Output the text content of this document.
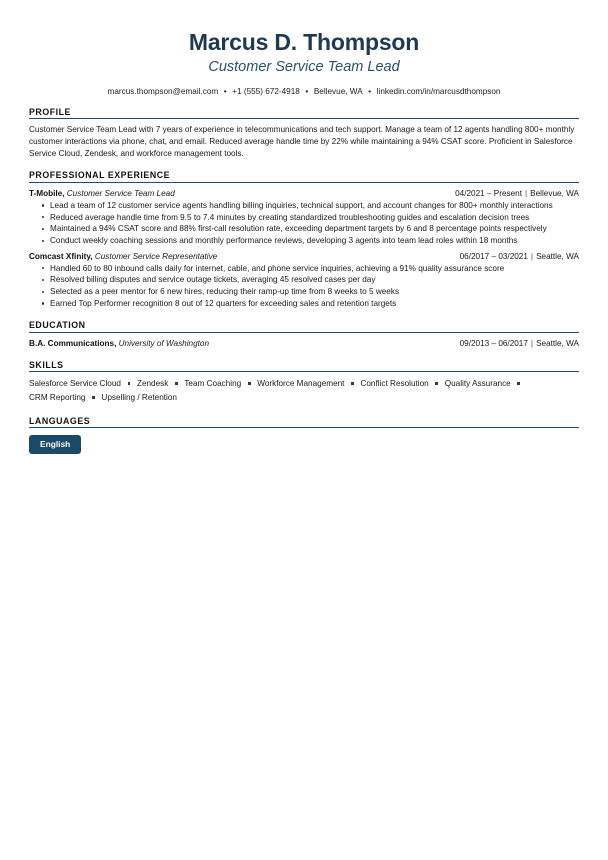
Marcus D. Thompson
Customer Service Team Lead
marcus.thompson@email.com • +1 (555) 672-4918 • Bellevue, WA • linkedin.com/in/marcusdthompson
PROFILE
Customer Service Team Lead with 7 years of experience in telecommunications and tech support. Manage a team of 12 agents handling 800+ monthly customer interactions via phone, chat, and email. Reduced average handle time by 22% while maintaining a 94% CSAT score. Proficient in Salesforce Service Cloud, Zendesk, and workforce management tools.
PROFESSIONAL EXPERIENCE
T-Mobile, Customer Service Team Lead	04/2021 – Present | Bellevue, WA
Lead a team of 12 customer service agents handling billing inquiries, technical support, and account changes for 800+ monthly interactions
Reduced average handle time from 9.5 to 7.4 minutes by creating standardized troubleshooting guides and escalation decision trees
Maintained a 94% CSAT score and 88% first-call resolution rate, exceeding department targets by 6 and 8 percentage points respectively
Conduct weekly coaching sessions and monthly performance reviews, developing 3 agents into team lead roles within 18 months
Comcast Xfinity, Customer Service Representative	06/2017 – 03/2021 | Seattle, WA
Handled 60 to 80 inbound calls daily for internet, cable, and phone service inquiries, achieving a 91% quality assurance score
Resolved billing disputes and service outage tickets, averaging 45 resolved cases per day
Selected as a peer mentor for 6 new hires, reducing their ramp-up time from 8 weeks to 5 weeks
Earned Top Performer recognition 8 out of 12 quarters for exceeding sales and retention targets
EDUCATION
B.A. Communications, University of Washington	09/2013 – 06/2017 | Seattle, WA
SKILLS
Salesforce Service Cloud Zendesk Team Coaching Workforce Management Conflict Resolution Quality AssuranceCRM Reporting Upselling / Retention
LANGUAGES
English
